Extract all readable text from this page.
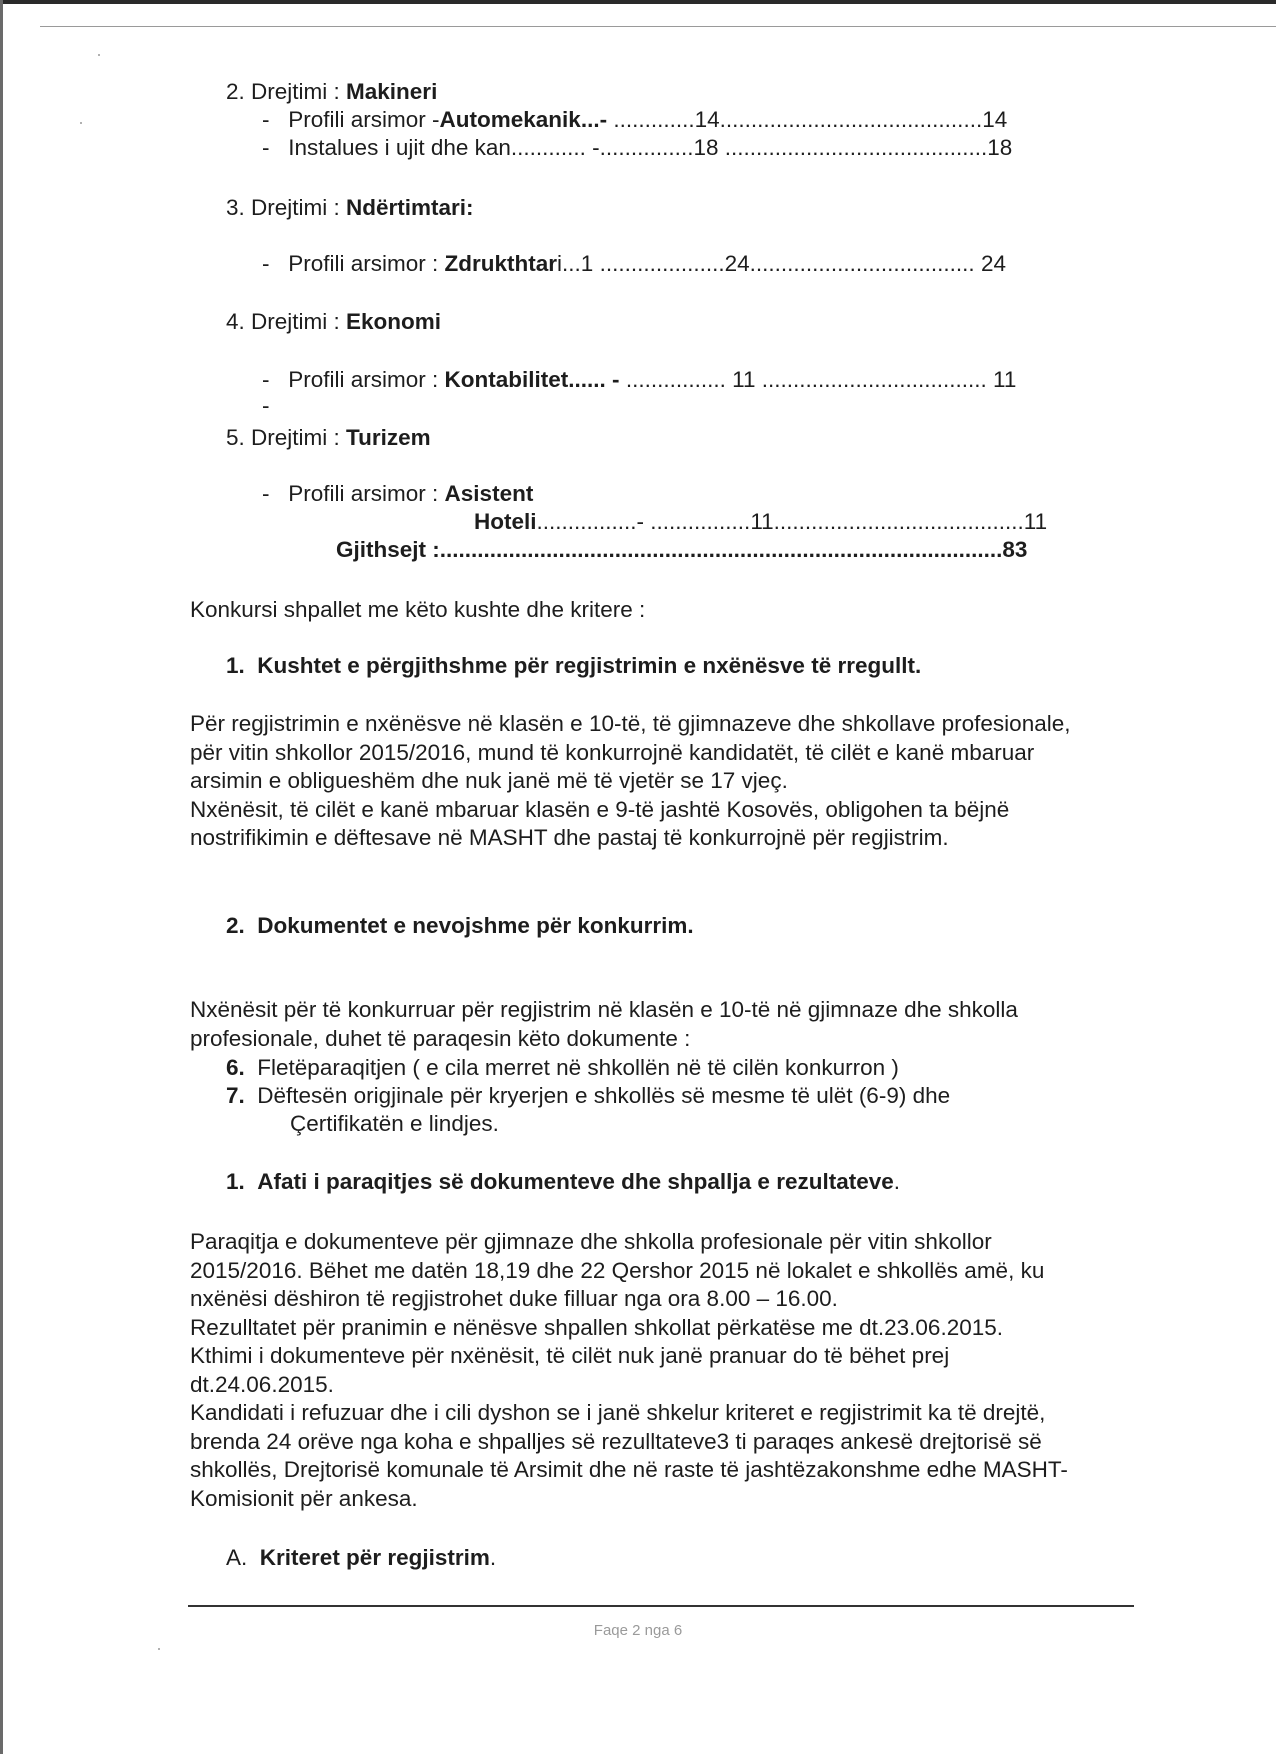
2. Drejtimi : Makineri
- Profili arsimor -Automekanik...- .............14..........................................14
- Instalues i ujit dhe kan............ -...............18 ..........................................18
3. Drejtimi : Ndërtimtari:
- Profili arsimor : Zdrukthtari...1 ....................24.................................... 24
4. Drejtimi : Ekonomi
- Profili arsimor : Kontabilitet...... - ................ 11 .................................... 11
-
5. Drejtimi : Turizem
- Profili arsimor : Asistent
Hoteli................- ................11........................................11
Gjithsejt :..........................................................................................83
Konkursi shpallet me këto kushte dhe kritere :
1. Kushtet e përgjithshme për regjistrimin e nxënësve të rregullt.
Për regjistrimin e nxënësve në klasën e 10-të, të gjimnazeve dhe shkollave profesionale,
për vitin shkollor 2015/2016, mund të konkurrojnë kandidatët, të cilët e kanë mbaruar
arsimin e obligueshëm dhe nuk janë më të vjetër se 17 vjeç.
Nxënësit, të cilët e kanë mbaruar klasën e 9-të jashtë Kosovës, obligohen ta bëjnë
nostrifikimin e dëftesave në MASHT dhe pastaj të konkurrojnë për regjistrim.
2. Dokumentet e nevojshme për konkurrim.
Nxënësit për të konkurruar për regjistrim në klasën e 10-të në gjimnaze dhe shkolla
profesionale, duhet të paraqesin këto dokumente :
6. Fletëparaqitjen ( e cila merret në shkollën në të cilën konkurron )
7. Dëftesën origjinale për kryerjen e shkollës së mesme të ulët (6-9) dhe
Çertifikatën e lindjes.
1. Afati i paraqitjes së dokumenteve dhe shpallja e rezultateve.
Paraqitja e dokumenteve për gjimnaze dhe shkolla profesionale për vitin shkollor
2015/2016. Bëhet me datën 18,19 dhe 22 Qershor 2015 në lokalet e shkollës amë, ku
nxënësi dëshiron të regjistrohet duke filluar nga ora 8.00 – 16.00.
Rezulltatet për pranimin e nënësve shpallen shkollat përkatëse me dt.23.06.2015.
Kthimi i dokumenteve për nxënësit, të cilët nuk janë pranuar do të bëhet prej
dt.24.06.2015.
Kandidati i refuzuar dhe i cili dyshon se i janë shkelur kriteret e regjistrimit ka të drejtë,
brenda 24 orëve nga koha e shpalljes së rezulltateve3 ti paraqes ankesë drejtorisë së
shkollës, Drejtorisë komunale të Arsimit dhe në raste të jashtëzakonshme edhe MASHT-
Komisionit për ankesa.
A. Kriteret për regjistrim.
Faqe 2 nga 6
